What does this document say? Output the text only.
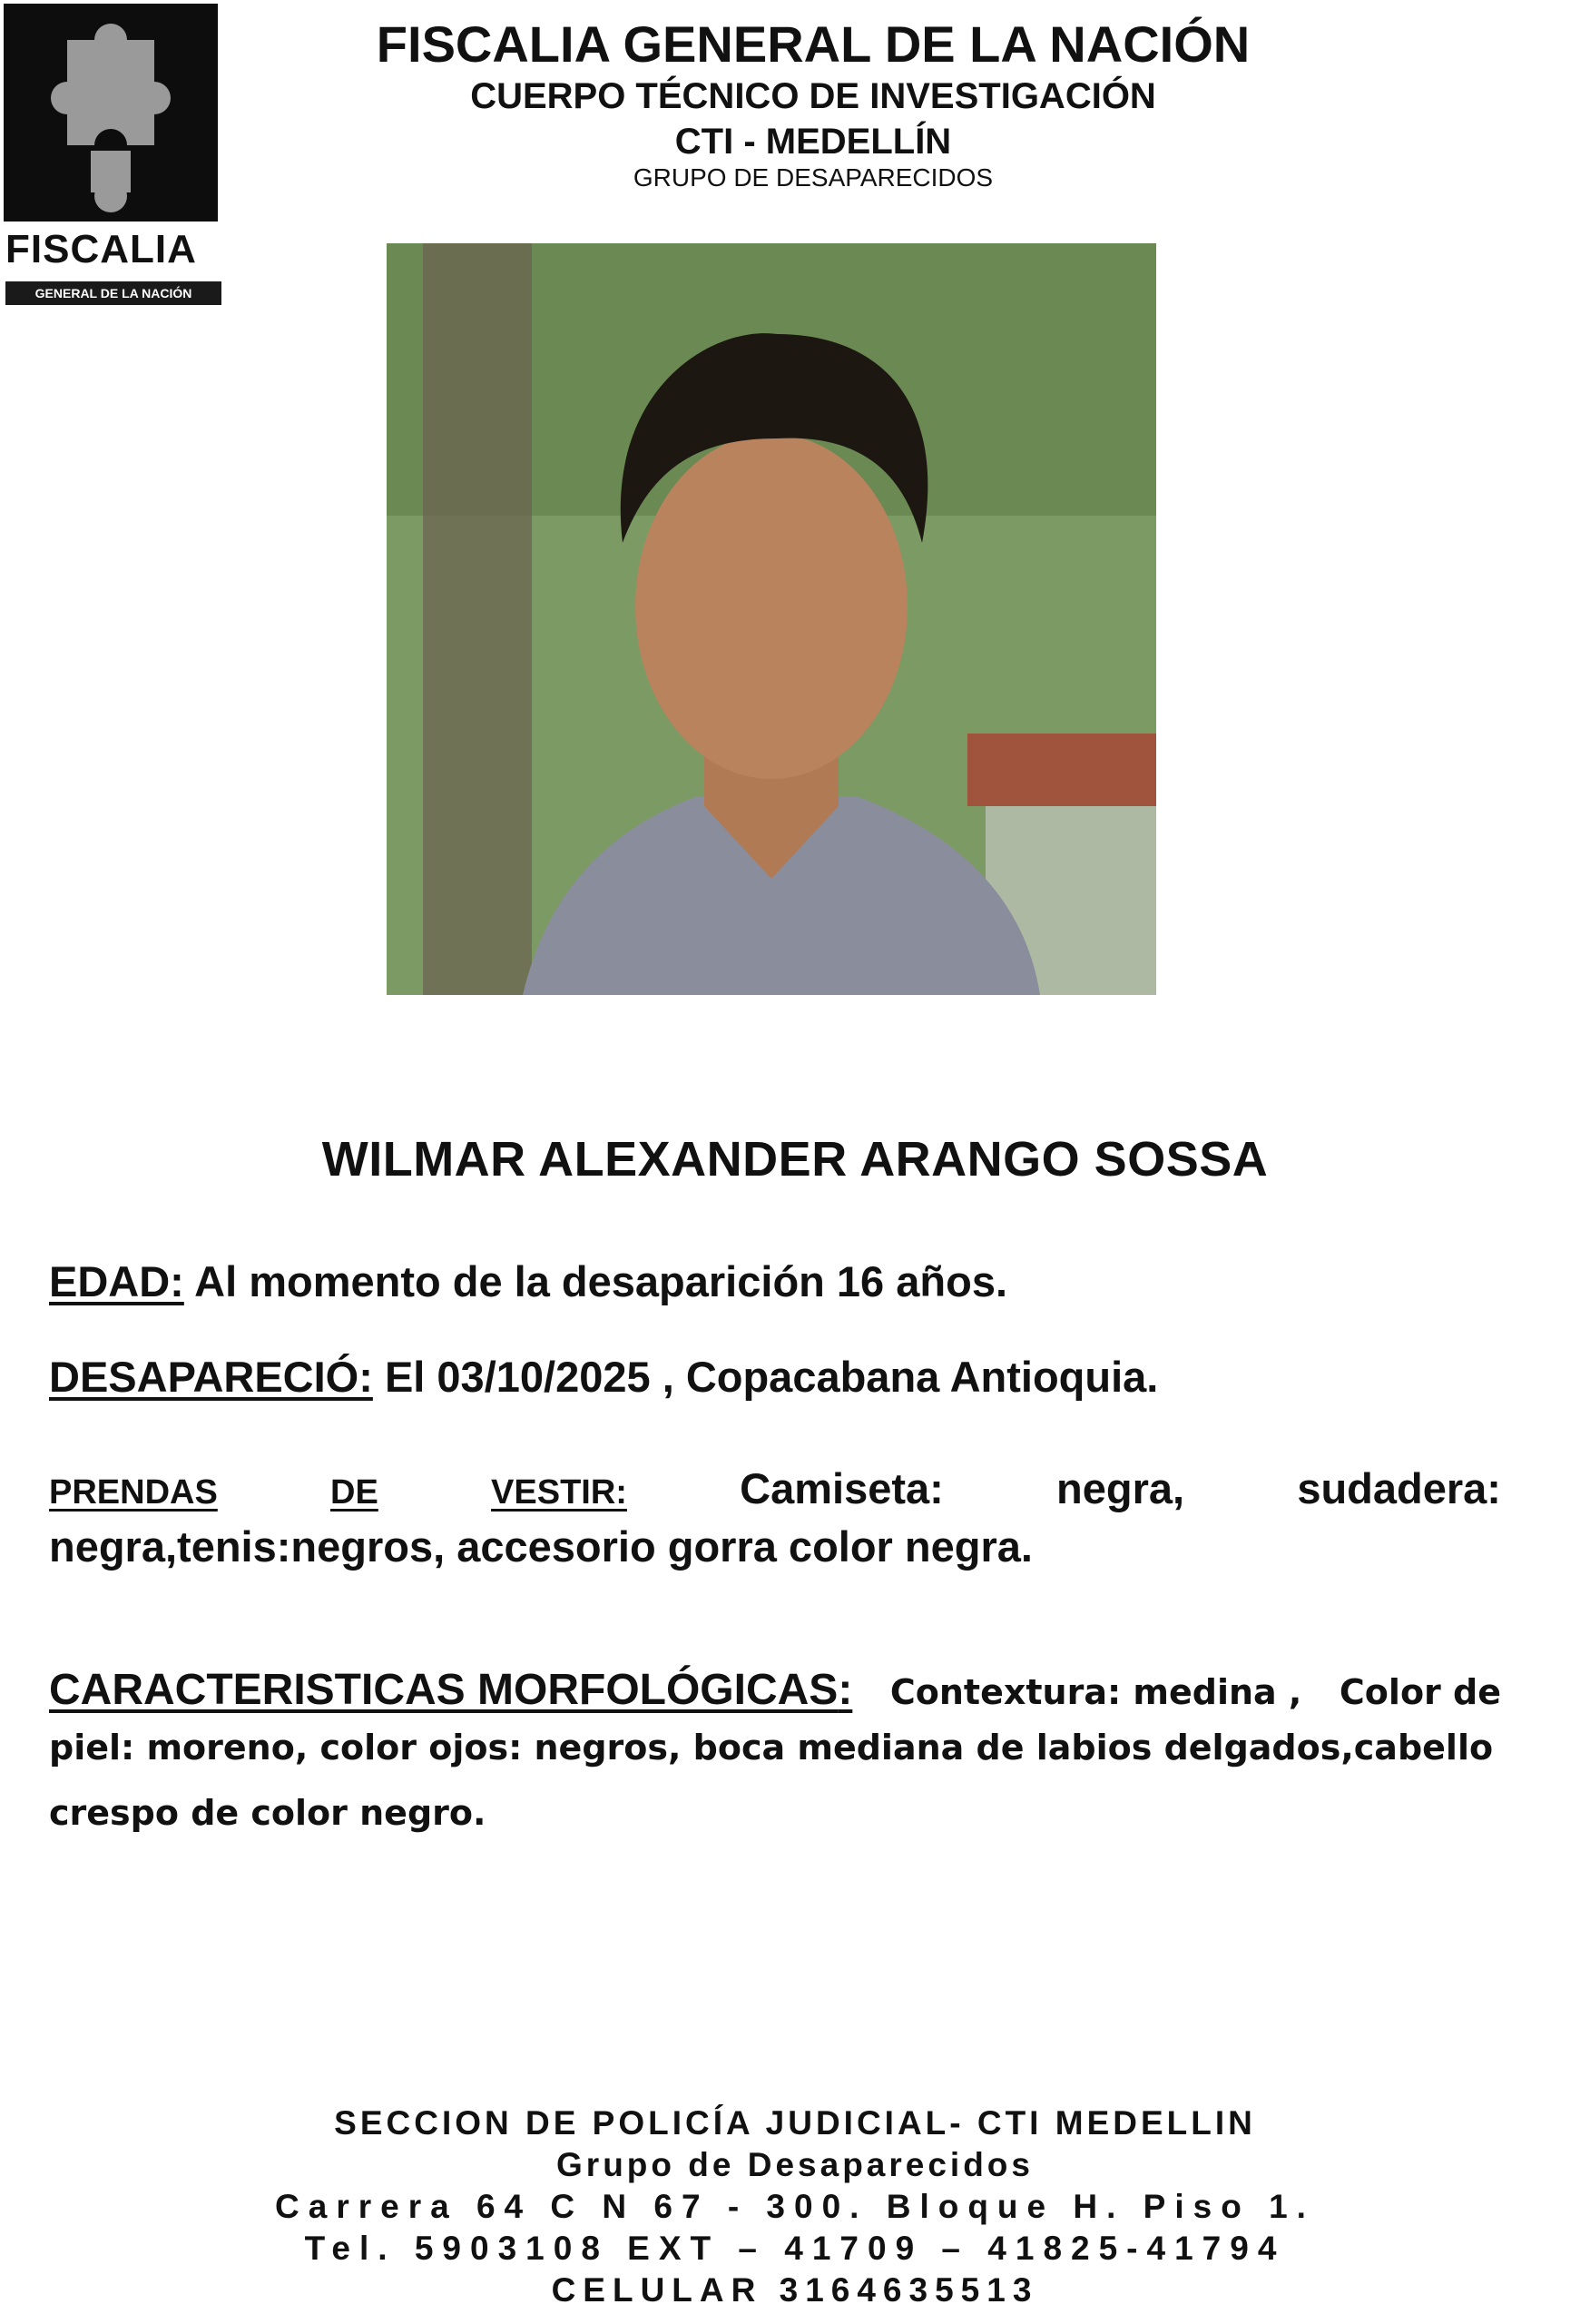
FISCALIA
GENERAL DE LA NACIÓN
FISCALIA GENERAL DE LA NACIÓN
CUERPO TÉCNICO DE INVESTIGACIÓN
CTI - MEDELLÍN
GRUPO DE DESAPARECIDOS
WILMAR ALEXANDER ARANGO SOSSA
EDAD: Al momento de la desaparición 16 años.
DESAPARECIÓ: El 03/10/2025 , Copacabana Antioquia.
PRENDAS	DE	VESTIR:	Camiseta:	negra,	sudadera:
negra,tenis:negros, accesorio gorra color negra.
CARACTERISTICAS MORFOLÓGICAS: Contextura: medina , Color de
piel: moreno, color ojos: negros, boca mediana de labios delgados,cabello
crespo de color negro.
SECCION DE POLICÍA JUDICIAL- CTI MEDELLIN
Grupo de Desaparecidos
Carrera 64 C N 67 - 300. Bloque H. Piso 1.
Tel. 5903108 EXT – 41709 – 41825-41794
CELULAR 3164635513
